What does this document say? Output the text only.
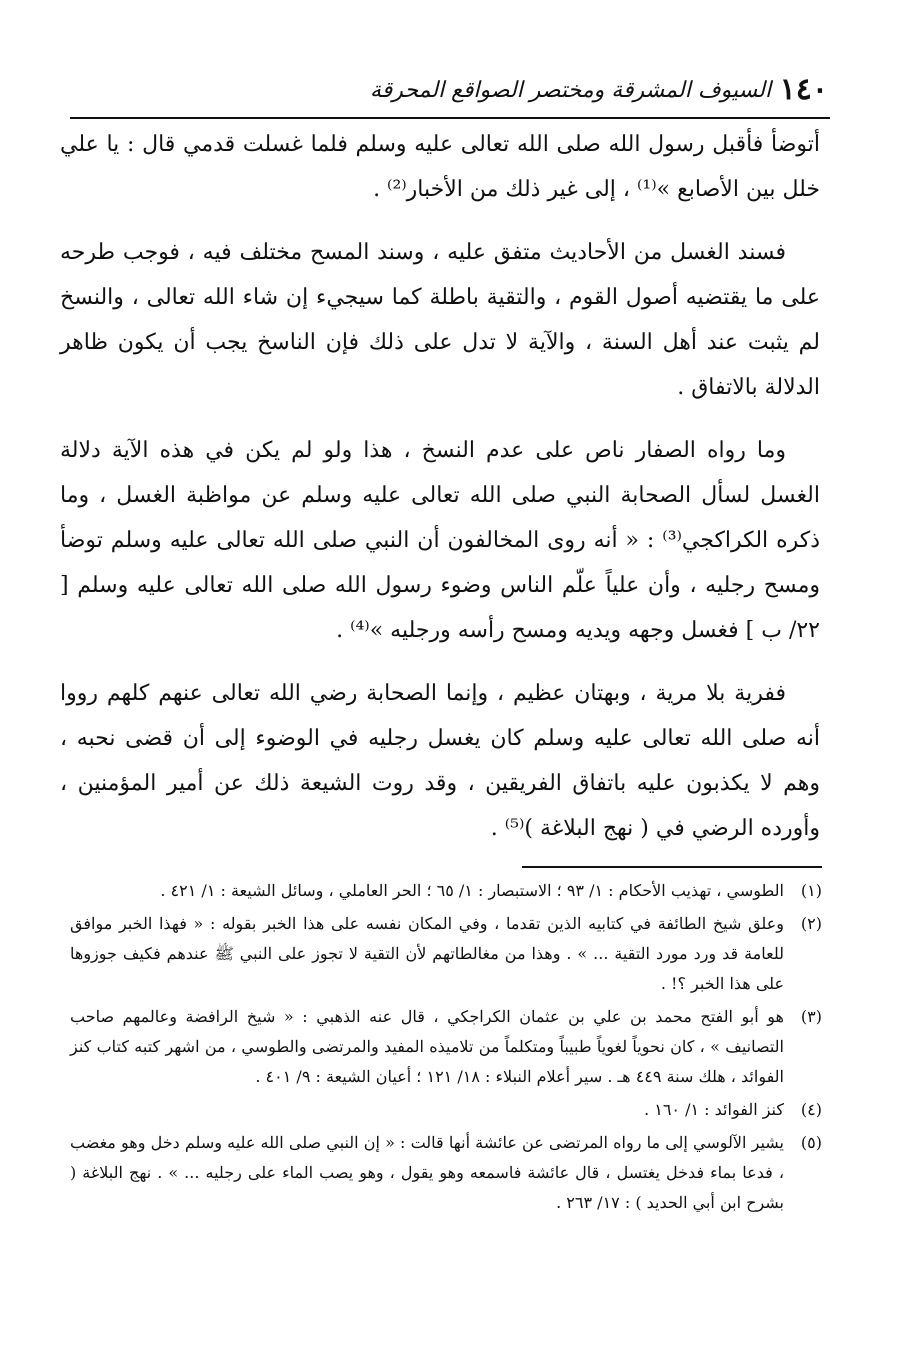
١٤٠
السيوف المشرقة ومختصر الصواقع المحرقة

أتوضأ فأقبل رسول الله صلى الله تعالى عليه وسلم فلما غسلت قدمي قال : يا علي خلل بين الأصابع »⁽¹⁾ ، إلى غير ذلك من الأخبار⁽²⁾ .

فسند الغسل من الأحاديث متفق عليه ، وسند المسح مختلف فيه ، فوجب طرحه على ما يقتضيه أصول القوم ، والتقية باطلة كما سيجيء إن شاء الله تعالى ، والنسخ لم يثبت عند أهل السنة ، والآية لا تدل على ذلك فإن الناسخ يجب أن يكون ظاهر الدلالة بالاتفاق .

وما رواه الصفار ناص على عدم النسخ ، هذا ولو لم يكن في هذه الآية دلالة الغسل لسأل الصحابة النبي صلى الله تعالى عليه وسلم عن مواظبة الغسل ، وما ذكره الكراكجي⁽³⁾ : « أنه روى المخالفون أن النبي صلى الله تعالى عليه وسلم توضأ ومسح رجليه ، وأن علياً علّم الناس وضوء رسول الله صلى الله تعالى عليه وسلم [ ٢٢/ ب ] فغسل وجهه ويديه ومسح رأسه ورجليه »⁽⁴⁾ .

ففرية بلا مرية ، وبهتان عظيم ، وإنما الصحابة رضي الله تعالى عنهم كلهم رووا أنه صلى الله تعالى عليه وسلم كان يغسل رجليه في الوضوء إلى أن قضى نحبه ، وهم لا يكذبون عليه باتفاق الفريقين ، وقد روت الشيعة ذلك عن أمير المؤمنين ، وأورده الرضي في ( نهج البلاغة )⁽⁵⁾ .

(١)
الطوسي ، تهذيب الأحكام : ١/ ٩٣ ؛ الاستبصار : ١/ ٦٥ ؛ الحر العاملي ، وسائل الشيعة : ١/ ٤٢١ .
(٢)
وعلق شيخ الطائفة في كتابيه الذين تقدما ، وفي المكان نفسه على هذا الخبر بقوله : « فهذا الخبر موافق للعامة قد ورد مورد التقية ... » . وهذا من مغالطاتهم لأن التقية لا تجوز على النبي ﷺ عندهم فكيف جوزوها على هذا الخبر ؟! .
(٣)
هو أبو الفتح محمد بن علي بن عثمان الكراجكي ، قال عنه الذهبي : « شيخ الرافضة وعالمهم صاحب التصانيف » ، كان نحوياً لغوياً طبيباً ومتكلماً من تلاميذه المفيد والمرتضى والطوسي ، من اشهر كتبه كتاب كنز الفوائد ، هلك سنة ٤٤٩ هـ . سير أعلام النبلاء : ١٨/ ١٢١ ؛ أعيان الشيعة : ٩/ ٤٠١ .
(٤)
كنز الفوائد : ١/ ١٦٠ .
(٥)
يشير الآلوسي إلى ما رواه المرتضى عن عائشة أنها قالت : « إن النبي صلى الله عليه وسلم دخل وهو مغضب ، فدعا بماء فدخل يغتسل ، قال عائشة فاسمعه وهو يقول ، وهو يصب الماء على رجليه ... » . نهج البلاغة ( بشرح ابن أبي الحديد ) : ١٧/ ٢٦٣ .
